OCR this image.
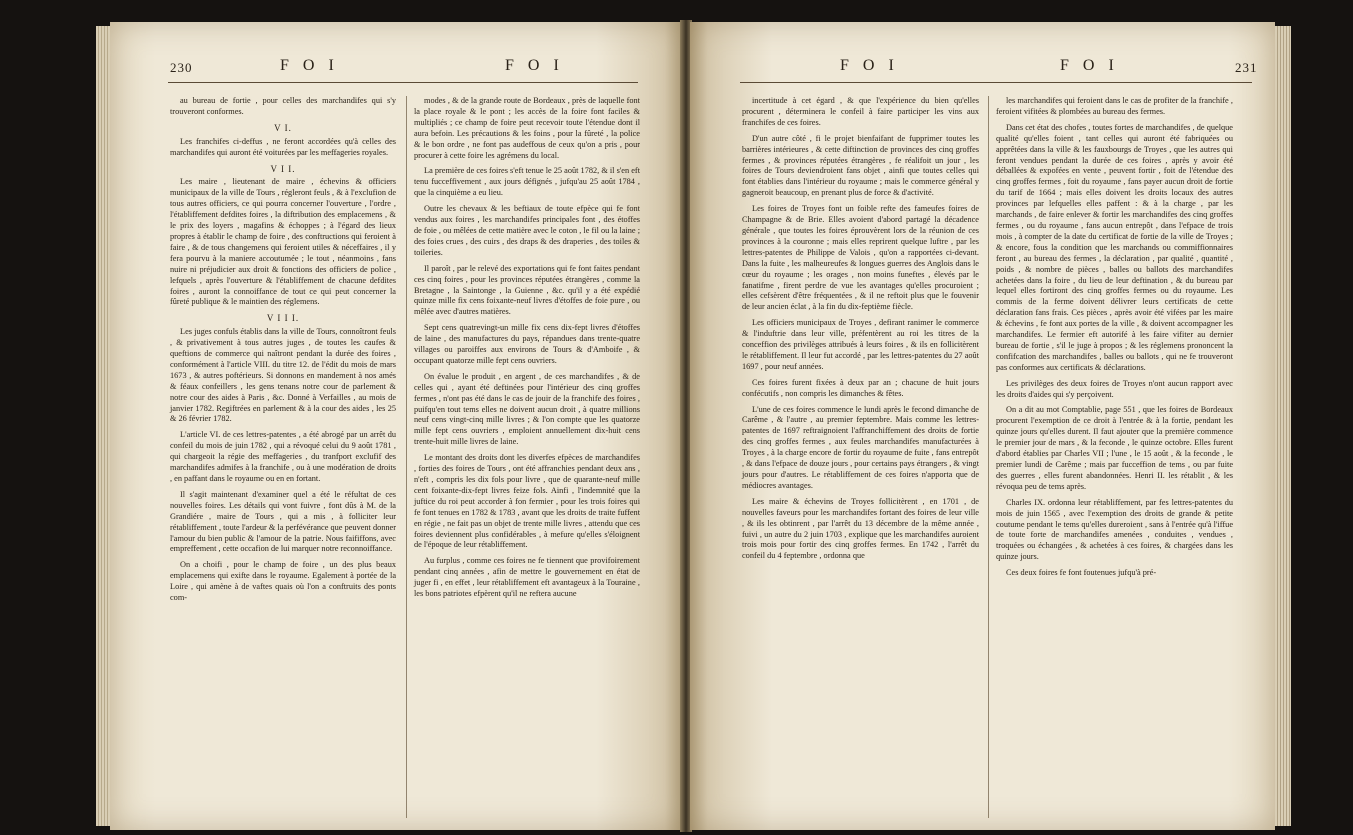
230	F O I	F O I

au bureau de fortie , pour celles des marchandifes qui s'y trouveront conformes.

V I.

Les franchifes ci-deffus , ne feront accordées qu'à celles des marchandifes qui auront été voiturées par les meffageries royales.

V I I.

Les maire , lieutenant de maire , échevins & officiers municipaux de la ville de Tours , régleront feuls , & à l'exclufion de tous autres officiers, ce qui pourra concerner l'ouverture , l'ordre , l'établiffement defdites foires , la diftribution des emplacemens , & le prix des loyers , magafins & échoppes ; à l'égard des lieux propres à établir le champ de foire , des conftructions qui feroient à faire , & de tous changemens qui feroient utiles & néceffaires , il y fera pourvu à la maniere accoutumée ; le tout , néanmoins , fans nuire ni préjudicier aux droit & fonctions des officiers de police , lefquels , après l'ouverture & l'établiffement de chacune defdites foires , auront la connoiffance de tout ce qui peut concerner la fûreté publique & le maintien des réglemens.

V I I I.

Les juges confuls établis dans la ville de Tours, connoîtront feuls , & privativement à tous autres juges , de toutes les caufes & queftions de commerce qui naîtront pendant la durée des foires , conformément à l'article VIII. du titre 12. de l'édit du mois de mars 1673 , & autres poftérieurs. Si donnons en mandement à nos amés & féaux confeillers , les gens tenans notre cour de parlement & notre cour des aides à Paris , &c. Donné à Verfailles , au mois de janvier 1782. Regiftrées en parlement & à la cour des aides , les 25 & 26 février 1782.

L'article VI. de ces lettres-patentes , a été abrogé par un arrêt du confeil du mois de juin 1782 , qui a révoqué celui du 9 août 1781 , qui chargeoit la régie des meffageries , du tranfport exclufif des marchandifes admifes à la franchife , ou à une modération de droits , en paffant dans le royaume ou en en fortant.

Il s'agit maintenant d'examiner quel a été le réfultat de ces nouvelles foires. Les détails qui vont fuivre , font dûs à M. de la Grandiére , maire de Tours , qui a mis , à folliciter leur rétabliffement , toute l'ardeur & la perfévérance que peuvent donner l'amour du bien public & l'amour de la patrie. Nous faififfons, avec empreffement , cette occafion de lui marquer notre reconnoiffance.

On a choifi , pour le champ de foire , un des plus beaux emplacemens qui exifte dans le royaume. Egalement à portée de la Loire , qui amène à de vaftes quais où l'on a conftruits des ponts com-

modes , & de la grande route de Bordeaux , près de laquelle font la place royale & le pont ; les accès de la foire font faciles & multipliés ; ce champ de foire peut recevoir toute l'étendue dont il aura befoin. Les précautions & les foins , pour la fûreté , la police & le bon ordre , ne font pas audeffous de ceux qu'on a pris , pour procurer à cette foire les agrémens du local.

La première de ces foires s'eft tenue le 25 août 1782, & il s'en eft tenu fucceffivement , aux jours défignés , jufqu'au 25 août 1784 , que la cinquième a eu lieu.

Outre les chevaux & les beftiaux de toute efpèce qui fe font vendus aux foires , les marchandifes principales font , des étoffes de foie , ou mêlées de cette matière avec le coton , le fil ou la laine ; des foies crues , des cuirs , des draps & des draperies , des toiles & toileries.

Il paroît , par le relevé des exportations qui fe font faites pendant ces cinq foires , pour les provinces réputées étrangères , comme la Bretagne , la Saintonge , la Guienne , &c. qu'il y a été expédié quinze mille fix cens foixante-neuf livres d'étoffes de foie pure , ou mêlée avec d'autres matières.

Sept cens quatrevingt-un mille fix cens dix-fept livres d'étoffes de laine , des manufactures du pays, répandues dans trente-quatre villages ou paroiffes aux environs de Tours & d'Amboife , & occupant quatorze mille fept cens ouvriers.

On évalue le produit , en argent , de ces marchandifes , & de celles qui , ayant été deftinées pour l'intérieur des cinq groffes fermes , n'ont pas été dans le cas de jouir de la franchife des foires , puifqu'en tout tems elles ne doivent aucun droit , à quatre millions neuf cens vingt-cinq mille livres ; & l'on compte que les quatorze mille fept cens ouvriers , emploient annuellement dix-huit cens trente-huit mille livres de laine.

Le montant des droits dont les diverfes efpèces de marchandifes , forties des foires de Tours , ont été affranchies pendant deux ans , n'eft , compris les dix fols pour livre , que de quarante-neuf mille cent foixante-dix-fept livres feize fols. Ainfi , l'indemnité que la juftice du roi peut accorder à fon fermier , pour les trois foires qui fe font tenues en 1782 & 1783 , avant que les droits de traite fuffent en régie , ne fait pas un objet de trente mille livres , attendu que ces foires deviennent plus confidérables , à mefure qu'elles s'éloignent de l'époque de leur rétabliffement.

Au furplus , comme ces foires ne fe tiennent que provifoirement pendant cinq années , afin de mettre le gouvernement en état de juger fi , en effet , leur rétabliffement eft avantageux à la Touraine , les bons patriotes efpèrent qu'il ne reftera aucune

F O I	F O I	231

incertitude à cet égard , & que l'expérience du bien qu'elles procurent , déterminera le confeil à faire participer les vins aux franchifes de ces foires.

D'un autre côté , fi le projet bienfaifant de fupprimer toutes les barrières intérieures , & cette diftinction de provinces des cinq groffes fermes , & provinces réputées étrangères , fe réalifoit un jour , les foires de Tours deviendroient fans objet , ainfi que toutes celles qui font établies dans l'intérieur du royaume ; mais le commerce général y gagneroit beaucoup, en prenant plus de force & d'activité.

Les foires de Troyes font un foible refte des fameufes foires de Champagne & de Brie. Elles avoient d'abord partagé la décadence générale , que toutes les foires éprouvèrent lors de la réunion de ces provinces à la couronne ; mais elles reprirent quelque luftre , par les lettres-patentes de Philippe de Valois , qu'on a rapportées ci-devant. Dans la fuite , les malheureufes & longues guerres des Anglois dans le cœur du royaume ; les orages , non moins funeftes , élevés par le fanatifme , firent perdre de vue les avantages qu'elles procuroient ; elles cefsèrent d'être fréquentées , & il ne reftoit plus que le fouvenir de leur ancien éclat , à la fin du dix-feptième fiècle.

Les officiers municipaux de Troyes , defirant ranimer le commerce & l'induftrie dans leur ville, préfentèrent au roi les titres de la conceffion des privilèges attribués à leurs foires , & ils en follicitèrent le rétabliffement. Il leur fut accordé , par les lettres-patentes du 27 août 1697 , pour neuf années.

Ces foires furent fixées à deux par an ; chacune de huit jours confécutifs , non compris les dimanches & fêtes.

L'une de ces foires commence le lundi après le fecond dimanche de Carême , & l'autre , au premier feptembre. Mais comme les lettres-patentes de 1697 reftraignoient l'affranchiffement des droits de fortie des cinq groffes fermes , aux feules marchandifes manufacturées à Troyes , à la charge encore de fortir du royaume de fuite , fans entrepôt , & dans l'efpace de douze jours , pour certains pays étrangers , & vingt jours pour d'autres. Le rétabliffement de ces foires n'apporta que de médiocres avantages.

Les maire & échevins de Troyes follicitèrent , en 1701 , de nouvelles faveurs pour les marchandifes fortant des foires de leur ville , & ils les obtinrent , par l'arrêt du 13 décembre de la même année , fuivi , un autre du 2 juin 1703 , explique que les marchandifes auroient trois mois pour fortir des cinq groffes fermes. En 1742 , l'arrêt du confeil du 4 feptembre , ordonna que

les marchandifes qui feroient dans le cas de profiter de la franchife , feroient vifitées & plombées au bureau des fermes.

Dans cet état des chofes , toutes fortes de marchandifes , de quelque qualité qu'elles foient , tant celles qui auront été fabriquées ou apprêtées dans la ville & les fauxbourgs de Troyes , que les autres qui feront vendues pendant la durée de ces foires , après y avoir été déballées & expofées en vente , peuvent fortir , foit de l'étendue des cinq groffes fermes , foit du royaume , fans payer aucun droit de fortie du tarif de 1664 ; mais elles doivent les droits locaux des autres provinces par lefquelles elles paffent : & à la charge , par les marchands , de faire enlever & fortir les marchandifes des cinq groffes fermes , ou du royaume , fans aucun entrepôt , dans l'efpace de trois mois , à compter de la date du certificat de fortie de la ville de Troyes ; & encore, fous la condition que les marchands ou commiffionnaires feront , au bureau des fermes , la déclaration , par qualité , quantité , poids , & nombre de pièces , balles ou ballots des marchandifes achetées dans la foire , du lieu de leur deftination , & du bureau par lequel elles fortiront des cinq groffes fermes ou du royaume. Les commis de la ferme doivent délivrer leurs certificats de cette déclaration fans frais. Ces pièces , après avoir été vifées par les maire & échevins , fe font aux portes de la ville , & doivent accompagner les marchandifes. Le fermier eft autorifé à les faire vifiter au dernier bureau de fortie , s'il le juge à propos ; & les réglemens prononcent la confifcation des marchandifes , balles ou ballots , qui ne fe trouveront pas conformes aux certificats & déclarations.

Les privilèges des deux foires de Troyes n'ont aucun rapport avec les droits d'aides qui s'y perçoivent.

On a dit au mot Comptablie, page 551 , que les foires de Bordeaux procurent l'exemption de ce droit à l'entrée & à la fortie, pendant les quinze jours qu'elles durent. Il faut ajouter que la première commence le premier jour de mars , & la feconde , le quinze octobre. Elles furent d'abord établies par Charles VII ; l'une , le 15 août , & la feconde , le premier lundi de Carême ; mais par fucceffion de tems , ou par fuite des guerres , elles furent abandonnées. Henri II. les rétablit , & les révoqua peu de tems après.

Charles IX. ordonna leur rétabliffement, par fes lettres-patentes du mois de juin 1565 , avec l'exemption des droits de grande & petite coutume pendant le tems qu'elles dureroient , sans à l'entrée qu'à l'iffue de toute forte de marchandifes amenées , conduites , vendues , troquées ou échangées , & achetées à ces foires, & chargées dans les quinze jours.

Ces deux foires fe font foutenues jufqu'à pré-
